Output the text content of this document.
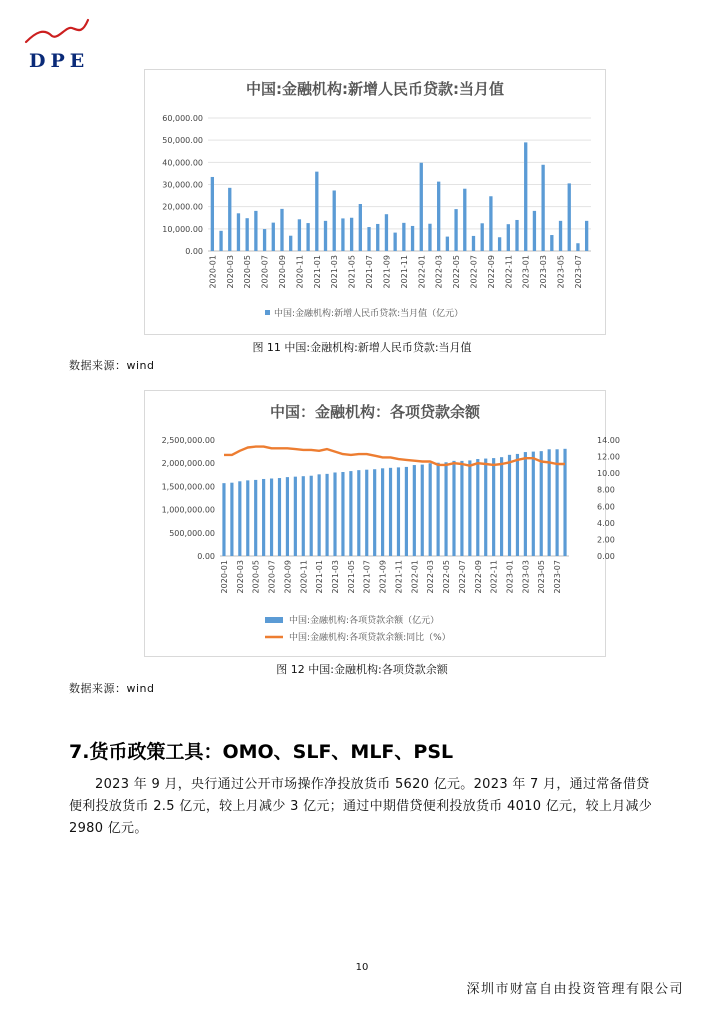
DPE
中国:金融机构:新增人民币贷款:当月值
0.00
10,000.00
20,000.00
30,000.00
40,000.00
50,000.00
60,000.00
2020-01 2020-03 2020-05 2020-07 2020-09 2020-11 2021-01 2021-03 2021-05 2021-07 2021-09 2021-11 2022-01 2022-03 2022-05 2022-07 2022-09 2022-11 2023-01 2023-03 2023-05 2023-07
中国:金融机构:新增人民币贷款:当月值（亿元）
图 11 中国:金融机构:新增人民币贷款:当月值
数据来源：wind
中国：金融机构：各项贷款余额
0.00
500,000.00
1,000,000.00
1,500,000.00
2,000,000.00
2,500,000.00
0.00
2.00
4.00
6.00
8.00
10.00
12.00
14.00
2020-01 2020-03 2020-05 2020-07 2020-09 2020-11 2021-01 2021-03 2021-05 2021-07 2021-09 2021-11 2022-01 2022-03 2022-05 2022-07 2022-09 2022-11 2023-01 2023-03 2023-05 2023-07
中国:金融机构:各项贷款余额（亿元）
中国:金融机构:各项贷款余额:同比（%）
图 12 中国:金融机构:各项贷款余额
数据来源：wind
7.货币政策工具：OMO、SLF、MLF、PSL
2023 年 9 月，央行通过公开市场操作净投放货币 5620 亿元。2023 年 7 月，通过常备借贷便利投放货币 2.5 亿元，较上月减少 3 亿元；通过中期借贷便利投放货币 4010 亿元，较上月减少 2980 亿元。
10
深圳市财富自由投资管理有限公司
